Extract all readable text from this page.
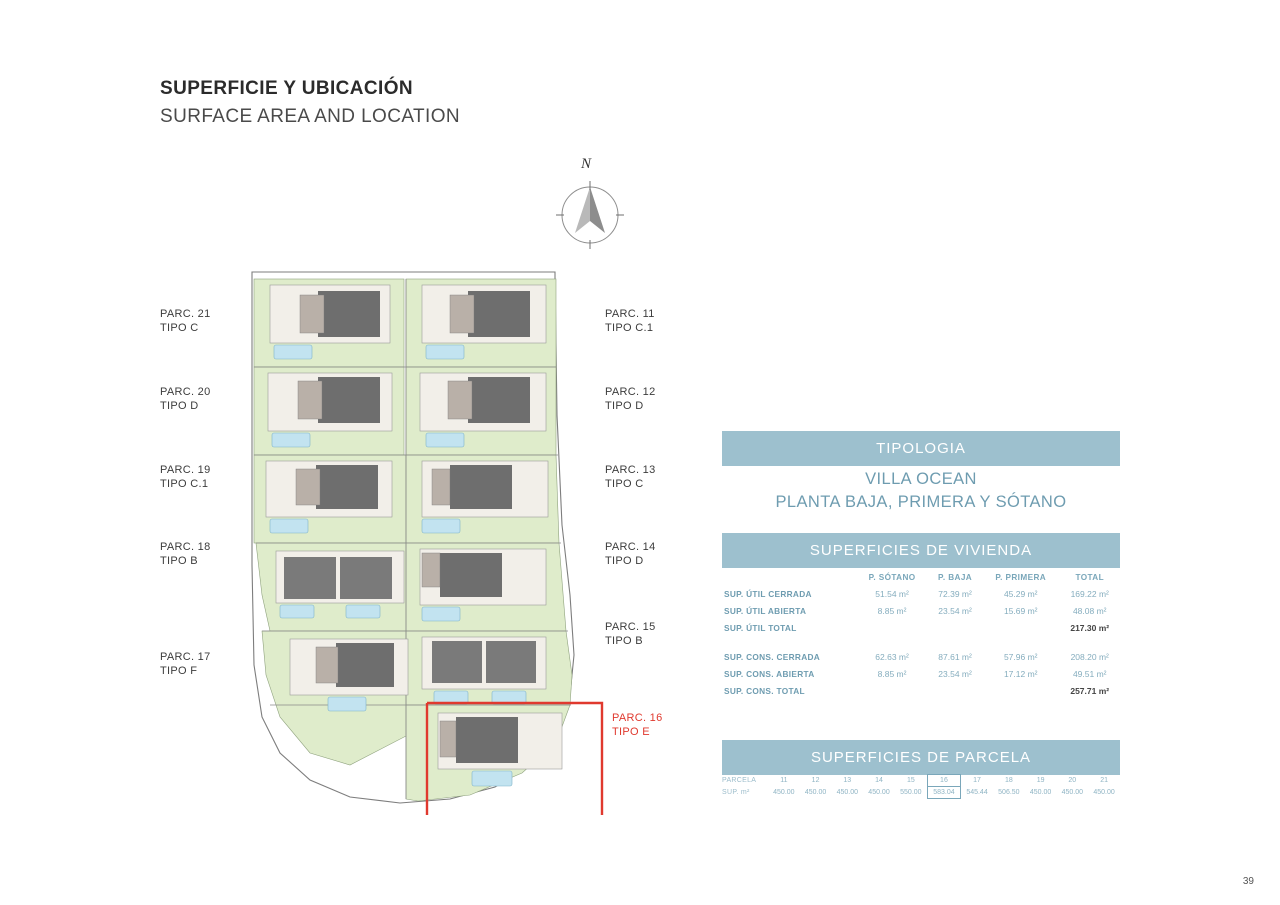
SUPERFICIE Y UBICACIÓN

SURFACE AREA AND LOCATION

N
PARC. 21
TIPO C
PARC. 20
TIPO D
PARC. 19
TIPO C.1
PARC. 18
TIPO B
PARC. 17
TIPO F
PARC. 11
TIPO C.1
PARC. 12
TIPO D
PARC. 13
TIPO C
PARC. 14
TIPO D
PARC. 15
TIPO B
PARC. 16
TIPO E
TIPOLOGIA
VILLA OCEAN
PLANTA BAJA, PRIMERA Y SÓTANO
SUPERFICIES DE VIVIENDA
	P. SÓTANO	P. BAJA	P. PRIMERA	TOTAL
SUP. ÚTIL CERRADA	51.54 m²	72.39 m²	45.29 m²	169.22 m²
SUP. ÚTIL ABIERTA	8.85 m²	23.54 m²	15.69 m²	48.08 m²
SUP. ÚTIL TOTAL				217.30 m²

SUP. CONS. CERRADA	62.63 m²	87.61 m²	57.96 m²	208.20 m²
SUP. CONS. ABIERTA	8.85 m²	23.54 m²	17.12 m²	49.51 m²
SUP. CONS. TOTAL				257.71 m²
SUPERFICIES DE PARCELA
PARCELA	11	12	13	14	15	16	17	18	19	20	21
SUP. m²	450.00	450.00	450.00	450.00	550.00	583.04	545.44	506.50	450.00	450.00	450.00
39
